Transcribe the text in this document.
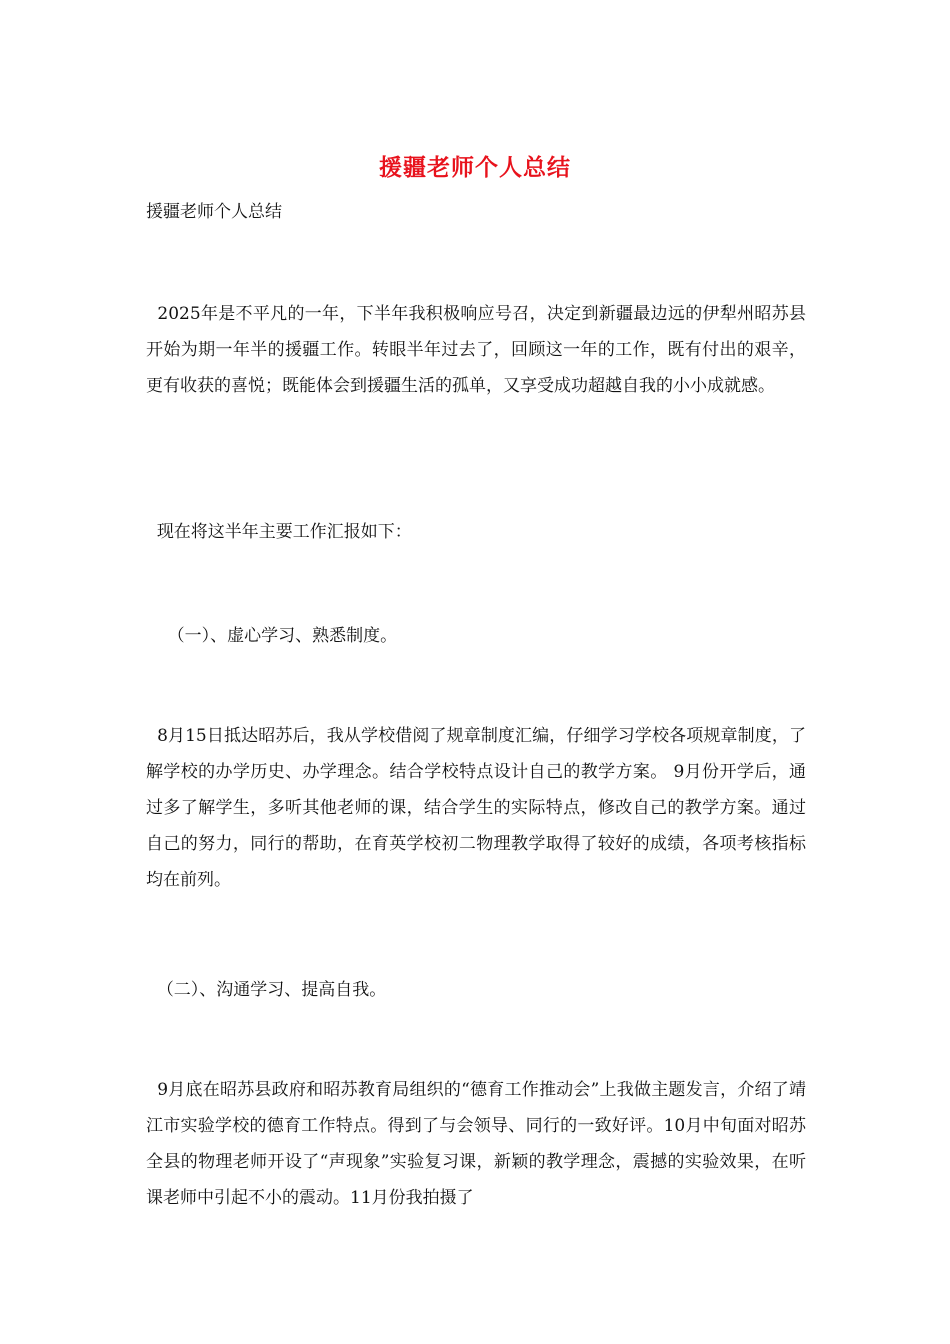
援疆老师个人总结
援疆老师个人总结
2025年是不平凡的一年，下半年我积极响应号召，决定到新疆最边远的伊犁州昭苏县开始为期一年半的援疆工作。转眼半年过去了，回顾这一年的工作，既有付出的艰辛，更有收获的喜悦；既能体会到援疆生活的孤单，又享受成功超越自我的小小成就感。
现在将这半年主要工作汇报如下：
（一）、虚心学习、熟悉制度。
8月15日抵达昭苏后，我从学校借阅了规章制度汇编，仔细学习学校各项规章制度，了解学校的办学历史、办学理念。结合学校特点设计自己的教学方案。 9月份开学后，通过多了解学生，多听其他老师的课，结合学生的实际特点，修改自己的教学方案。通过自己的努力，同行的帮助，在育英学校初二物理教学取得了较好的成绩，各项考核指标均在前列。
（二）、沟通学习、提高自我。
9月底在昭苏县政府和昭苏教育局组织的“德育工作推动会”上我做主题发言，介绍了靖江市实验学校的德育工作特点。得到了与会领导、同行的一致好评。10月中旬面对昭苏全县的物理老师开设了“声现象”实验复习课，新颖的教学理念，震撼的实验效果，在听课老师中引起不小的震动。11月份我拍摄了
